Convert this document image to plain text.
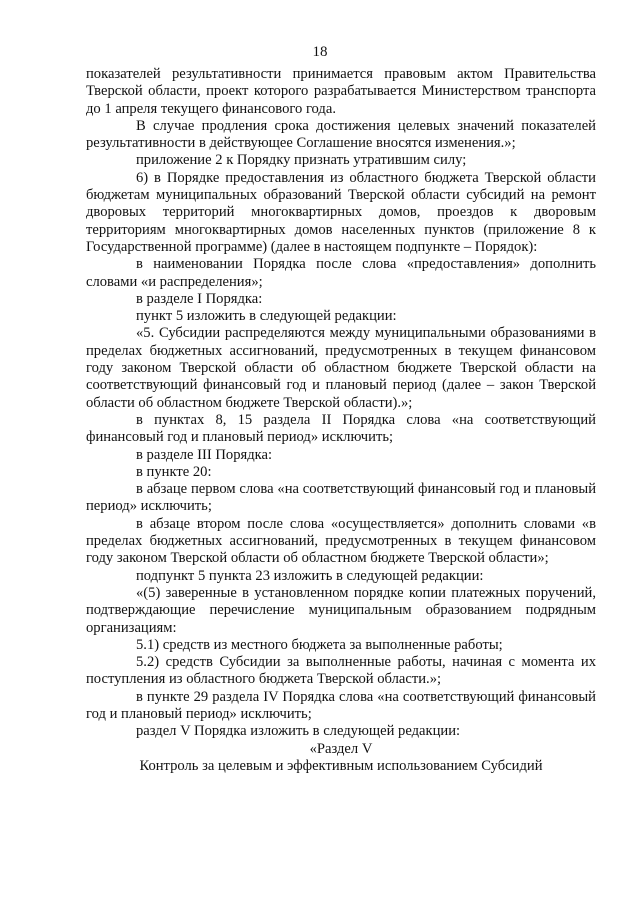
18

показателей результативности принимается правовым актом Правительства Тверской области, проект которого разрабатывается Министерством транспорта до 1 апреля текущего финансового года.

В случае продления срока достижения целевых значений показателей результативности в действующее Соглашение вносятся изменения.»;

приложение 2 к Порядку признать утратившим силу;

6) в Порядке предоставления из областного бюджета Тверской области бюджетам муниципальных образований Тверской области субсидий на ремонт дворовых территорий многоквартирных домов, проездов к дворовым территориям многоквартирных домов населенных пунктов (приложение 8 к Государственной программе) (далее в настоящем подпункте – Порядок):

в наименовании Порядка после слова «предоставления» дополнить словами «и распределения»;

в разделе I Порядка:

пункт 5 изложить в следующей редакции:

«5. Субсидии распределяются между муниципальными образованиями в пределах бюджетных ассигнований, предусмотренных в текущем финансовом году законом Тверской области об областном бюджете Тверской области на соответствующий финансовый год и плановый период (далее – закон Тверской области об областном бюджете Тверской области).»;

в пунктах 8, 15 раздела II Порядка слова «на соответствующий финансовый год и плановый период» исключить;

в разделе III Порядка:

в пункте 20:

в абзаце первом слова «на соответствующий финансовый год и плановый период» исключить;

в абзаце втором после слова «осуществляется» дополнить словами «в пределах бюджетных ассигнований, предусмотренных в текущем финансовом году законом Тверской области об областном бюджете Тверской области»;

подпункт 5 пункта 23 изложить в следующей редакции:

«(5) заверенные в установленном порядке копии платежных поручений, подтверждающие перечисление муниципальным образованием подрядным организациям:

5.1) средств из местного бюджета за выполненные работы;

5.2) средств Субсидии за выполненные работы, начиная с момента их поступления из областного бюджета Тверской области.»;

в пункте 29 раздела IV Порядка слова «на соответствующий финансовый год и плановый период» исключить;

раздел V Порядка изложить в следующей редакции:

«Раздел V

Контроль за целевым и эффективным использованием Субсидий
